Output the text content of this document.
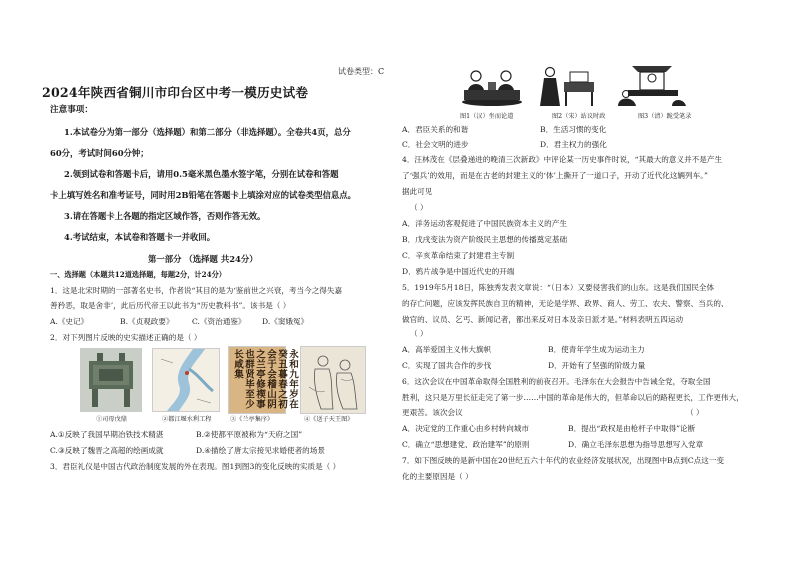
试卷类型：C
2024年陕西省铜川市印台区中考一模历史试卷
注意事项：
1.本试卷分为第一部分（选择题）和第二部分（非选择题）。全卷共4页，总分
60分，考试时间60分钟；
2.领到试卷和答题卡后，请用0.5毫米黑色墨水签字笔，分别在试卷和答题
卡上填写姓名和准考证号，同时用2B铅笔在答题卡上填涂对应的试卷类型信息点。
3.请在答题卡上各题的指定区域作答，否则作答无效。
4.考试结束，本试卷和答题卡一并收回。
第一部分 （选择题 共24分）
一、选择题（本题共12道选择题，每题2分，计24分）
1．这是北宋时期的一部著名史书，作者说“其目的是为‘鉴前世之兴衰，考当今之得失嘉
善矜恶，取是舍非’，此后历代帝王以此书为“历史教科书”。该书是（ ）
A.《史记》	B.《贞观政要》 C.《资治通鉴》 D.《窦娥冤》
2．对下列图片反映的史实描述正确的是（ ）
①司母戊鼎	②都江堰水利工程
永和九年岁在癸丑暮春之初会于会稽山阴之兰亭修禊事也群贤毕至少长咸集
③《兰亭集序》	④《送子天王图》
A.①反映了我国早期冶铁技术精湛	B.②使都平原被称为“天府之国”
C.③反映了魏晋之高超的绘画成就	D.④描绘了唐太宗接见求婚使者的场景
3．君臣礼仪是中国古代政治制度发展的外在表现。图1到图3的变化反映的实质是（ ）
图1（汉）坐而论道	图2（宋）站议时政	图3（清）跪受笔录
A．君臣关系的和谐	B．生活习惯的变化
C．社会文明的进步	D．君主权力的强化
4．汪林茂在《层叠递进的晚清三次新政》中评论某一历史事件时说，“其最大的意义并不是产生
了‘强兵’的效用，而是在古老的封建主义的‘体’上撕开了一道口子，开动了近代化这辆列车。”
据此可见
（ ）
A．洋务运动客观促进了中国民族资本主义的产生
B．戊戌变法为资产阶级民主思想的传播奠定基础
C．辛亥革命结束了封建君主专制
D．鸦片战争是中国近代史的开端
5．1919年5月18日，陈独秀发表文章说：“（日本）又要侵害我们的山东。这是我们国民全体
的存亡问题，应该发挥民族自卫的精神，无论是学界、政界、商人、劳工、农夫、警察、当兵的、
做官的、议员、乞丐、新闻记者，都出来反对日本及亲日派才是。”材料表明五四运动
（ ）
A．高举爱国主义伟大旗帜	B．使青年学生成为运动主力
C．实现了国共合作的步伐	D．开始有了坚强的阶级力量
6．这次会议在中国革命取得全国胜利的前夜召开。毛泽东在大会报告中告诫全党，夺取全国
胜利，这只是万里长征走完了第一步……中国的革命是伟大的，但革命以后的路程更长，工作更伟大，
更艰苦。该次会议	（ ）
A．决定党的工作重心由乡村转向城市	B．提出“政权是由枪杆子中取得”论断
C．确立“思想建党、政治建军”的原则	D．确立毛泽东思想为指导思想写入党章
7．如下图反映的是新中国在20世纪五六十年代的农业经济发展状况，出现图中B点到C点这一变
化的主要原因是（ ）
